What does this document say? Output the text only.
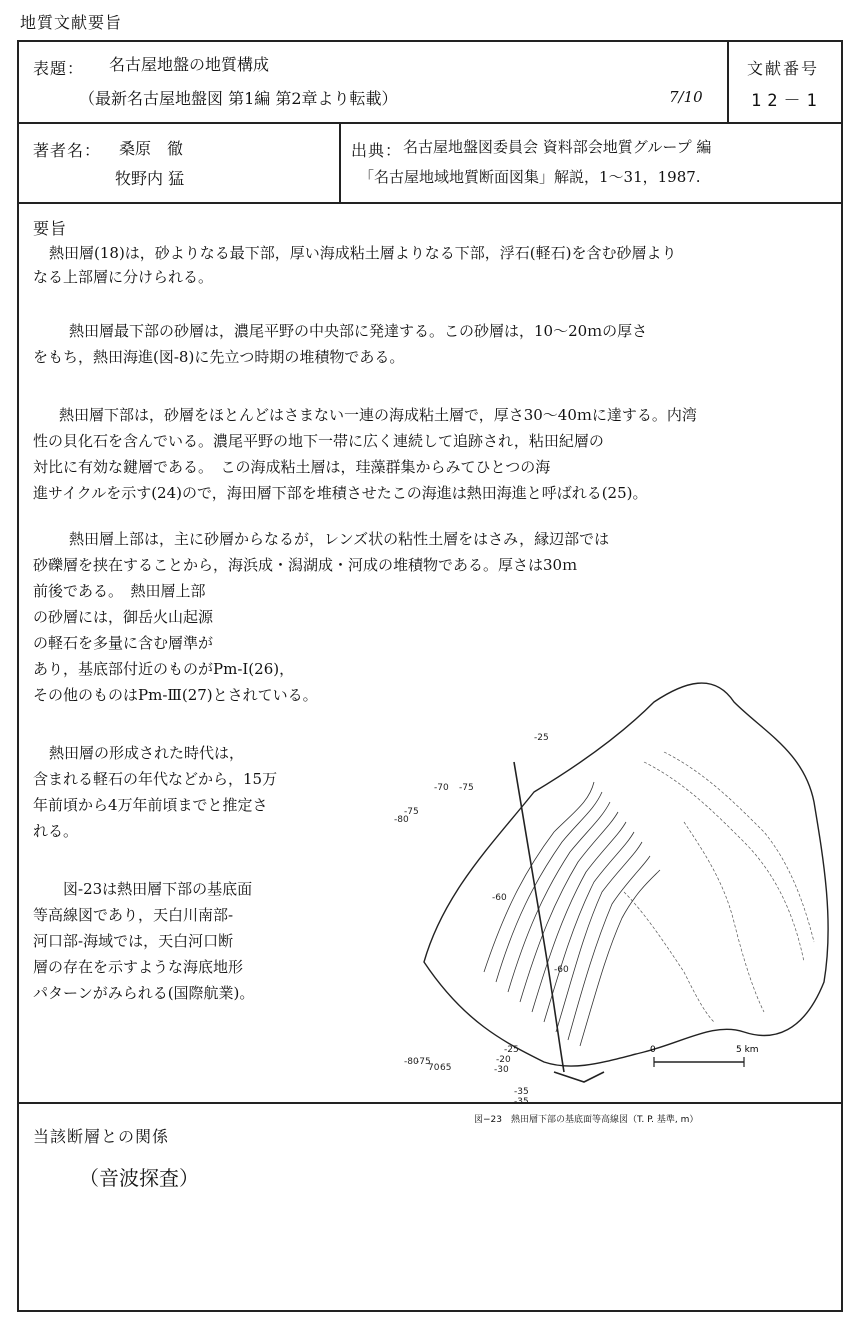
地質文献要旨
表題： 名古屋地盤の地質構成
（最新名古屋地盤図 第1編 第2章より転載）	7/10
文献番号
12－1
著者名： 桑原　徹
牧野内 猛
出典： 名古屋地盤図委員会 資料部会地質グループ 編
「名古屋地域地質断面図集」解説，1〜31，1987.
要旨
熱田層(18)は，砂よりなる最下部，厚い海成粘土層よりなる下部，浮石(軽石)を含む砂層より
なる上部層に分けられる。
熱田層最下部の砂層は，濃尾平野の中央部に発達する。この砂層は，10〜20ｍの厚さ
をもち，熱田海進(図-8)に先立つ時期の堆積物である。
熱田層下部は，砂層をほとんどはさまない一連の海成粘土層で，厚さ30〜40ｍに達する。内湾
性の貝化石を含んでいる。濃尾平野の地下一帯に広く連続して追跡され，粘田紀層の
対比に有効な鍵層である。　この海成粘土層は，珪藻群集からみてひとつの海
進サイクルを示す(24)ので，海田層下部を堆積させたこの海進は熱田海進と呼ばれる(25)。
熱田層上部は，主に砂層からなるが，レンズ状の粘性土層をはさみ，縁辺部では
砂礫層を挟在することから，海浜成・潟湖成・河成の堆積物である。厚さは30ｍ
前後である。　熱田層上部
の砂層には，御岳火山起源
の軽石を多量に含む層準が
あり，基底部付近のものがPm-Ⅰ(26)，
その他のものはPm-Ⅲ(27)とされている。
熱田層の形成された時代は，
含まれる軽石の年代などから，15万
年前頃から4万年前頃までと推定さ
れる。
図-23は熱田層下部の基底面
等高線図であり，天白川南部-
河口部-海域では，天白河口断
層の存在を示すような海底地形
パターンがみられる(国際航業)。
0	5 km
-25
-70 -75
-75
-80
-60
-60
-80
-75
70 65	-30
-35
-25
-20
-35
図−23　熱田層下部の基底面等高線図（T. P. 基準, m）
当該断層との関係
（音波探査）
